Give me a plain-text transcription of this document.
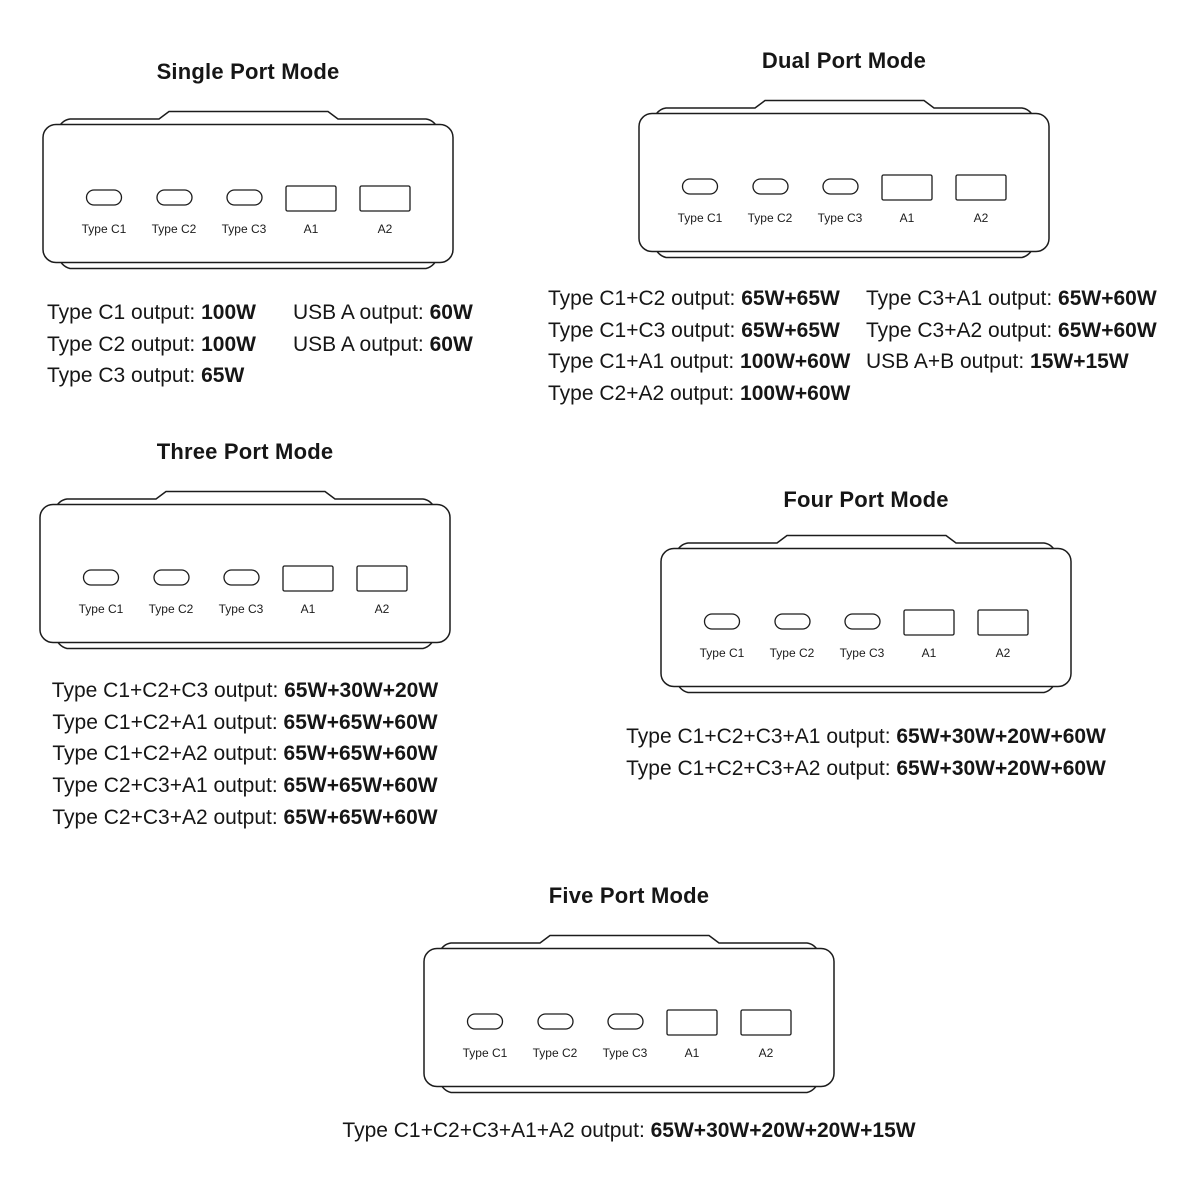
Single Port Mode
Type C1	Type C2	Type C3	A1	A2
Type C1 output: 100W
Type C2 output: 100W
Type C3 output: 65W
USB A output: 60W
USB A output: 60W
Dual Port Mode
Type C1	Type C2	Type C3	A1	A2
Type C1+C2 output: 65W+65W
Type C1+C3 output: 65W+65W
Type C1+A1 output: 100W+60W
Type C2+A2 output: 100W+60W
Type C3+A1 output: 65W+60W
Type C3+A2 output: 65W+60W
USB A+B output: 15W+15W
Three Port Mode
Type C1	Type C2	Type C3	A1	A2
Type C1+C2+C3 output: 65W+30W+20W
Type C1+C2+A1 output: 65W+65W+60W
Type C1+C2+A2 output: 65W+65W+60W
Type C2+C3+A1 output: 65W+65W+60W
Type C2+C3+A2 output: 65W+65W+60W
Four Port Mode
Type C1	Type C2	Type C3	A1	A2
Type C1+C2+C3+A1 output: 65W+30W+20W+60W
Type C1+C2+C3+A2 output: 65W+30W+20W+60W
Five Port Mode
Type C1	Type C2	Type C3	A1	A2
Type C1+C2+C3+A1+A2 output: 65W+30W+20W+20W+15W
